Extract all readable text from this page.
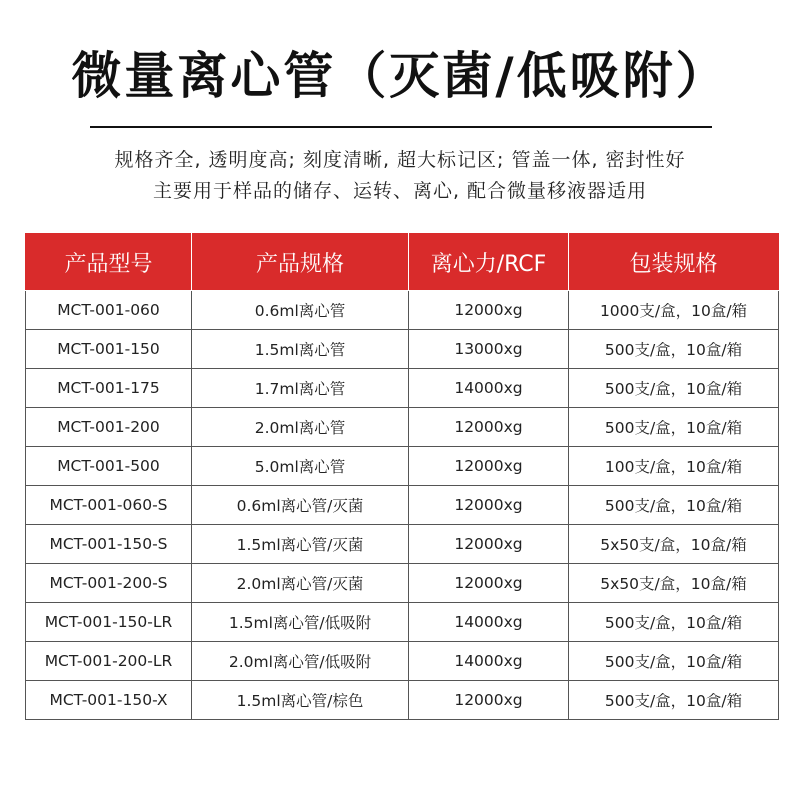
微量离心管（灭菌/低吸附）
规格齐全, 透明度高; 刻度清晰, 超大标记区; 管盖一体, 密封性好
主要用于样品的储存、运转、离心, 配合微量移液器适用
产品型号	产品规格	离心力/RCF	包装规格
MCT-001-060	0.6ml离心管	12000xg	1000支/盒，10盒/箱
MCT-001-150	1.5ml离心管	13000xg	500支/盒，10盒/箱
MCT-001-175	1.7ml离心管	14000xg	500支/盒，10盒/箱
MCT-001-200	2.0ml离心管	12000xg	500支/盒，10盒/箱
MCT-001-500	5.0ml离心管	12000xg	100支/盒，10盒/箱
MCT-001-060-S	0.6ml离心管/灭菌	12000xg	500支/盒，10盒/箱
MCT-001-150-S	1.5ml离心管/灭菌	12000xg	5x50支/盒，10盒/箱
MCT-001-200-S	2.0ml离心管/灭菌	12000xg	5x50支/盒，10盒/箱
MCT-001-150-LR	1.5ml离心管/低吸附	14000xg	500支/盒，10盒/箱
MCT-001-200-LR	2.0ml离心管/低吸附	14000xg	500支/盒，10盒/箱
MCT-001-150-X	1.5ml离心管/棕色	12000xg	500支/盒，10盒/箱
